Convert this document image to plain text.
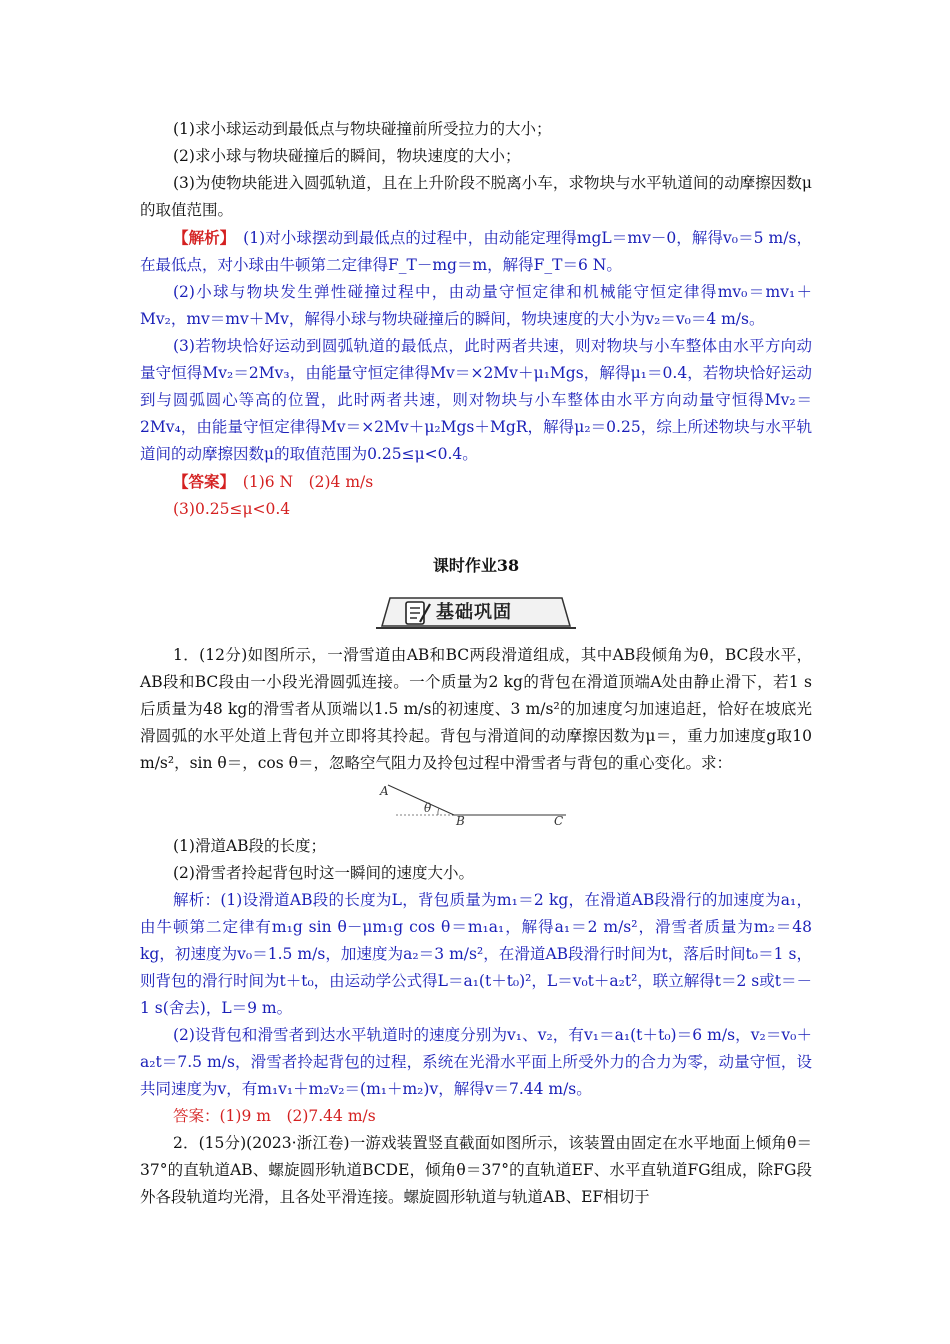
(1)求小球运动到最低点与物块碰撞前所受拉力的大小；

(2)求小球与物块碰撞后的瞬间，物块速度的大小；

(3)为使物块能进入圆弧轨道，且在上升阶段不脱离小车，求物块与水平轨道间的动摩擦因数μ的取值范围。

【解析】　 (1)对小球摆动到最低点的过程中，由动能定理得mgL＝mv－0，解得v₀＝5 m/s，在最低点，对小球由牛顿第二定律得F_T－mg＝m，解得F_T＝6 N。

(2)小球与物块发生弹性碰撞过程中，由动量守恒定律和机械能守恒定律得mv₀＝mv₁＋Mv₂，mv＝mv＋Mv，解得小球与物块碰撞后的瞬间，物块速度的大小为v₂＝v₀＝4 m/s。

(3)若物块恰好运动到圆弧轨道的最低点，此时两者共速，则对物块与小车整体由水平方向动量守恒得Mv₂＝2Mv₃，由能量守恒定律得Mv＝×2Mv＋μ₁Mgs，解得μ₁＝0.4，若物块恰好运动到与圆弧圆心等高的位置，此时两者共速，则对物块与小车整体由水平方向动量守恒得Mv₂＝2Mv₄，由能量守恒定律得Mv＝×2Mv＋μ₂Mgs＋MgR，解得μ₂＝0.25，综上所述物块与水平轨道间的动摩擦因数μ的取值范围为0.25≤μ<0.4。

【答案】　 (1)6 N　(2)4 m/s

(3)0.25≤μ<0.4

课时作业38
基础巩固

1．(12分)如图所示，一滑雪道由AB和BC两段滑道组成，其中AB段倾角为θ，BC段水平，AB段和BC段由一小段光滑圆弧连接。一个质量为2 kg的背包在滑道顶端A处由静止滑下，若1 s后质量为48 kg的滑雪者从顶端以1.5 m/s的初速度、3 m/s²的加速度匀加速追赶，恰好在坡底光滑圆弧的水平处道上背包并立即将其拎起。背包与滑道间的动摩擦因数为μ＝，重力加速度g取10 m/s²，sin θ＝，cos θ＝，忽略空气阻力及拎包过程中滑雪者与背包的重心变化。求：

A
θ
B	C

(1)滑道AB段的长度；

(2)滑雪者拎起背包时这一瞬间的速度大小。

解析：(1)设滑道AB段的长度为L，背包质量为m₁＝2 kg，在滑道AB段滑行的加速度为a₁，由牛顿第二定律有m₁g sin θ－μm₁g cos θ＝m₁a₁，解得a₁＝2 m/s²，滑雪者质量为m₂＝48 kg，初速度为v₀＝1.5 m/s，加速度为a₂＝3 m/s²，在滑道AB段滑行时间为t，落后时间t₀＝1 s，则背包的滑行时间为t＋t₀，由运动学公式得L＝a₁(t＋t₀)²，L＝v₀t＋a₂t²，联立解得t＝2 s或t＝－1 s(舍去)，L＝9 m。

(2)设背包和滑雪者到达水平轨道时的速度分别为v₁、v₂，有v₁＝a₁(t＋t₀)＝6 m/s，v₂＝v₀＋a₂t＝7.5 m/s，滑雪者拎起背包的过程，系统在光滑水平面上所受外力的合力为零，动量守恒，设共同速度为v，有m₁v₁＋m₂v₂＝(m₁＋m₂)v，解得v＝7.44 m/s。

答案：(1)9 m　(2)7.44 m/s

2．(15分)(2023·浙江卷)一游戏装置竖直截面如图所示，该装置由固定在水平地面上倾角θ＝37°的直轨道AB、螺旋圆形轨道BCDE，倾角θ＝37°的直轨道EF、水平直轨道FG组成，除FG段外各段轨道均光滑，且各处平滑连接。螺旋圆形轨道与轨道AB、EF相切于
